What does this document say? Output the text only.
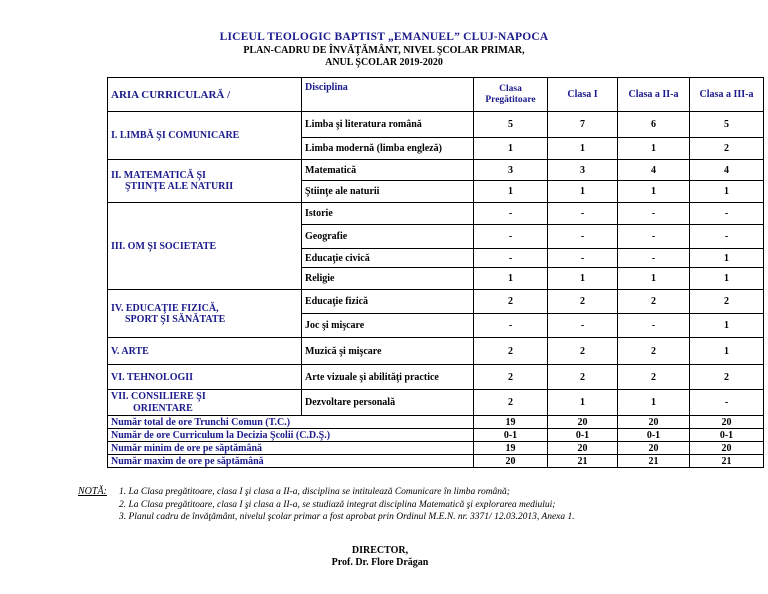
LICEUL TEOLOGIC BAPTIST „EMANUEL” CLUJ-NAPOCA
PLAN-CADRU DE ÎNVĂŢĂMÂNT, NIVEL ŞCOLAR PRIMAR,
ANUL ŞCOLAR 2019-2020
ARIA CURRICULARĂ /	Disciplina	Clasa Pregătitoare	Clasa I	Clasa a II-a	Clasa a III-a

I. LIMBĂ ŞI COMUNICARE	Limba şi literatura română	5	7	6	5
	Limba modernă (limba engleză)	1	1	1	2

II. MATEMATICĂ ŞI
ŞTIINŢE ALE NATURII	Matematică	3	3	4	4
	Ştiinţe ale naturii	1	1	1	1

III. OM ŞI SOCIETATE	Istorie	-	-	-	-
	Geografie	-	-	-	-
	Educaţie civică	-	-	-	1
	Religie	1	1	1	1

IV. EDUCAŢIE FIZICĂ,
SPORT ŞI SĂNĂTATE	Educaţie fizică	2	2	2	2
	Joc şi mişcare	-	-	-	1

V. ARTE	Muzică şi mişcare	2	2	2	1

VI. TEHNOLOGII	Arte vizuale şi abilităţi practice	2	2	2	2

VII. CONSILIERE ŞI
ORIENTARE	Dezvoltare personală	2	1	1	-
Număr total de ore Trunchi Comun (T.C.)		19	20	20	20
Număr de ore Curriculum la Decizia Şcolii (C.D.Ş.)		0-1	0-1	0-1	0-1
Număr minim de ore pe săptămână		19	20	20	20
Număr maxim de ore pe săptămână		20	21	21	21
NOTĂ: 1. La Clasa pregătitoare, clasa I şi clasa a II-a, disciplina se intitulează Comunicare în limba română;
2. La Clasa pregătitoare, clasa I şi clasa a II-a, se studiază integrat disciplina Matematică şi explorarea mediului;
3. Planul cadru de învăţământ, nivelul şcolar primar a fost aprobat prin Ordinul M.E.N. nr. 3371/ 12.03.2013, Anexa 1.
DIRECTOR,
Prof. Dr. Flore Drăgan
